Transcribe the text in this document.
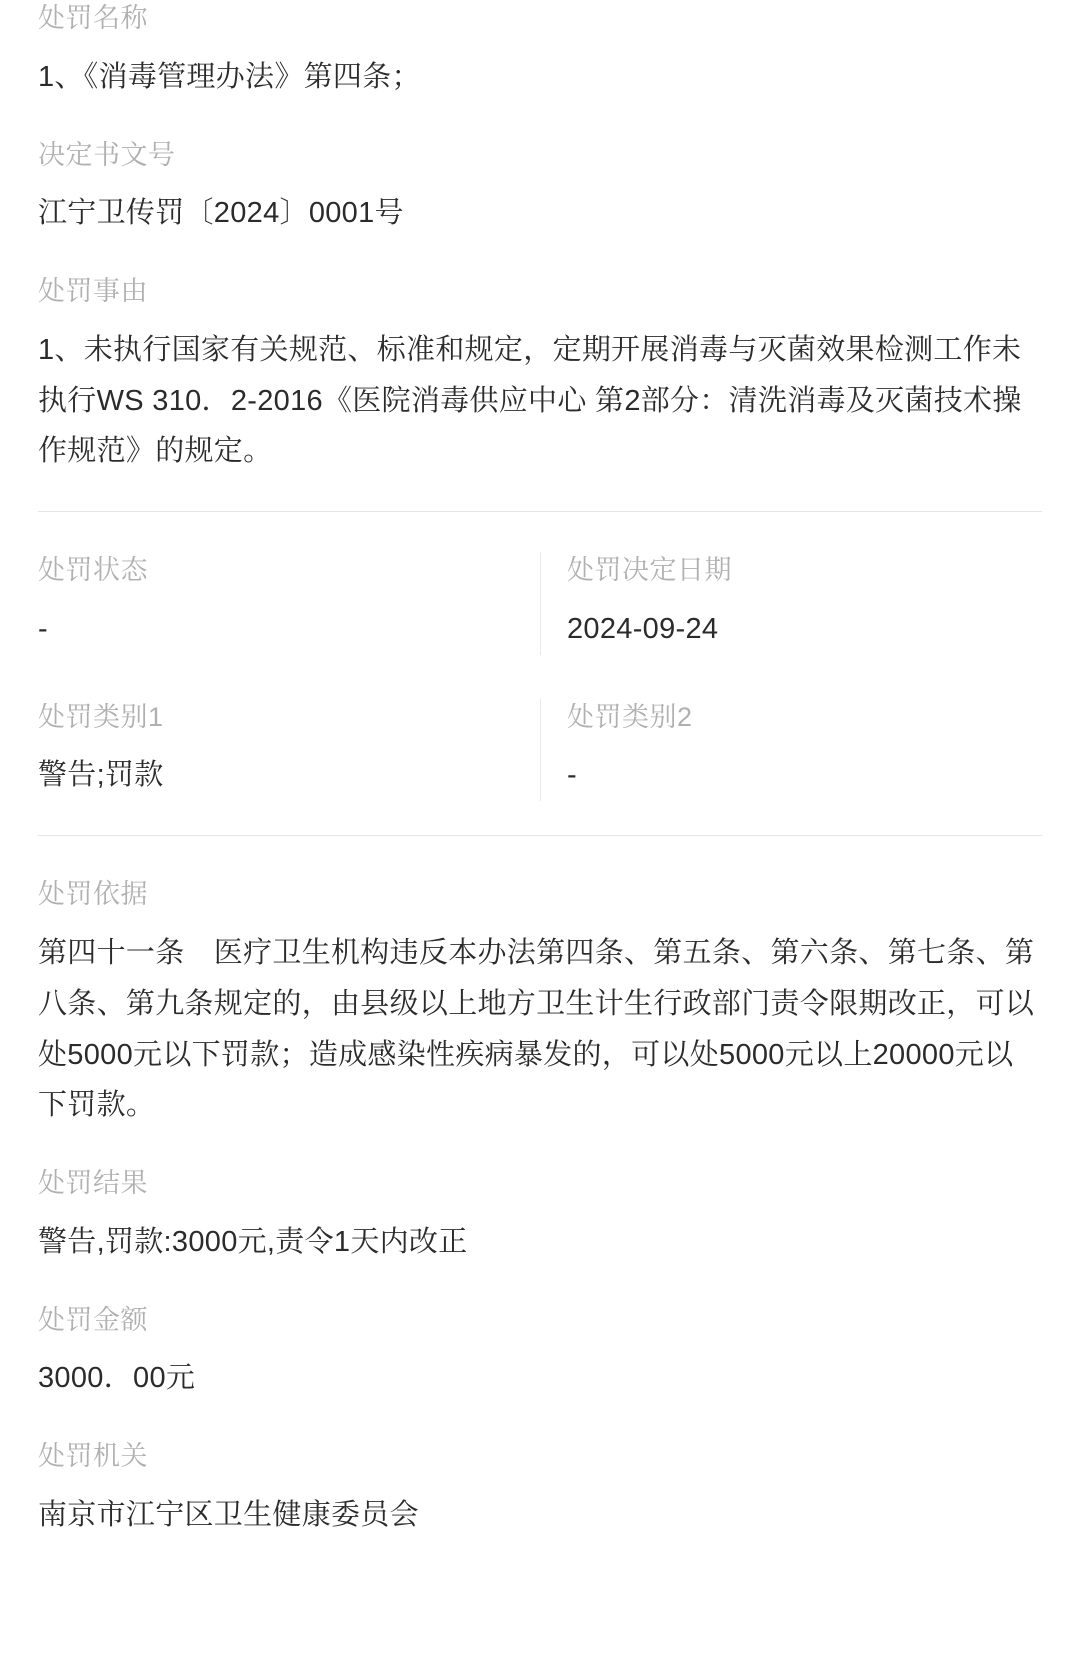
处罚名称
1、《消毒管理办法》第四条；
决定书文号
江宁卫传罚〔2024〕0001号
处罚事由
1、未执行国家有关规范、标准和规定，定期开展消毒与灭菌效果检测工作未执行WS 310．2-2016《医院消毒供应中心 第2部分：清洗消毒及灭菌技术操作规范》的规定。
处罚状态
-
处罚决定日期
2024-09-24
处罚类别1
警告;罚款
处罚类别2
-
处罚依据
第四十一条　医疗卫生机构违反本办法第四条、第五条、第六条、第七条、第八条、第九条规定的，由县级以上地方卫生计生行政部门责令限期改正，可以处5000元以下罚款；造成感染性疾病暴发的，可以处5000元以上20000元以下罚款。
处罚结果
警告,罚款:3000元,责令1天内改正
处罚金额
3000．00元
处罚机关
南京市江宁区卫生健康委员会
